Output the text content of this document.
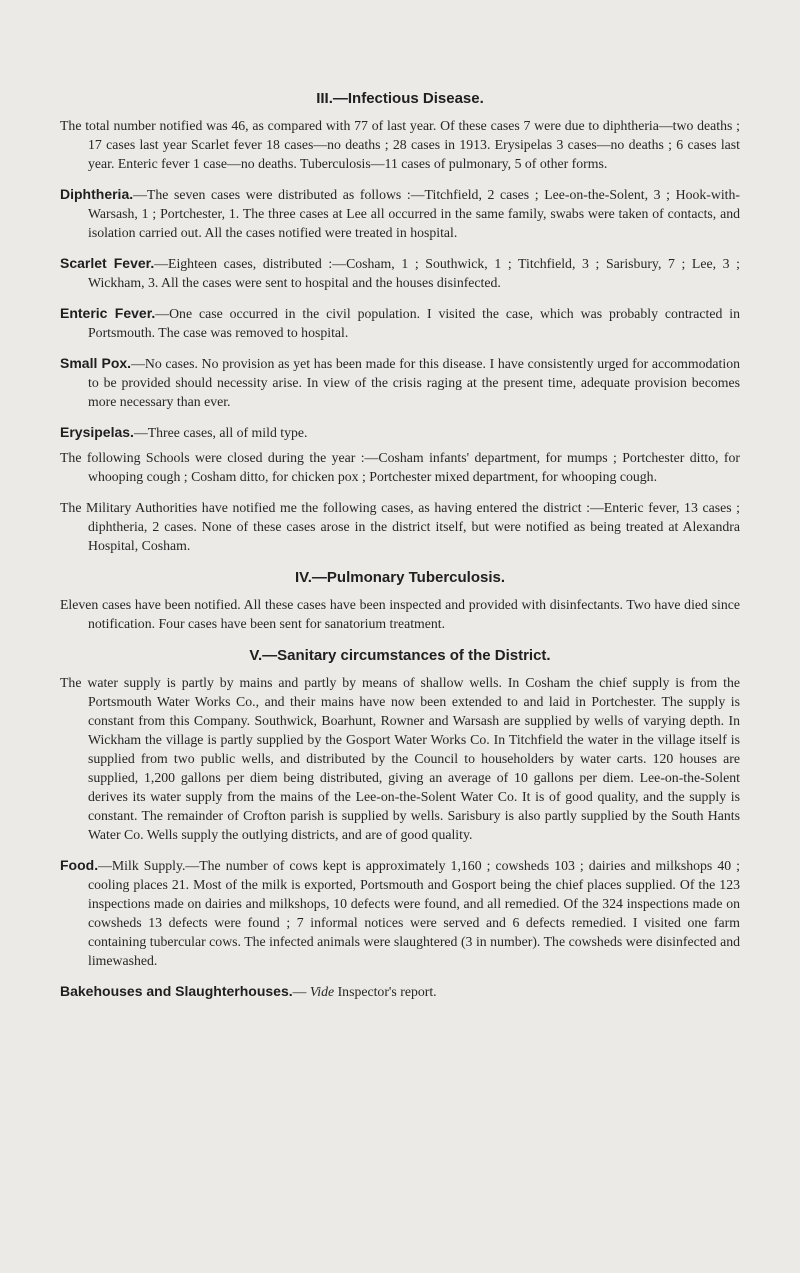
III.—Infectious Disease.

The total number notified was 46, as compared with 77 of last year. Of these cases 7 were due to diphtheria—two deaths ; 17 cases last year Scarlet fever 18 cases—no deaths ; 28 cases in 1913. Erysipelas 3 cases—no deaths ; 6 cases last year. Enteric fever 1 case—no deaths. Tuberculosis—11 cases of pulmonary, 5 of other forms.

Diphtheria.—The seven cases were distributed as follows :—Titchfield, 2 cases ; Lee-on-the-Solent, 3 ; Hook-with-Warsash, 1 ; Portchester, 1. The three cases at Lee all occurred in the same family, swabs were taken of contacts, and isolation carried out. All the cases notified were treated in hospital.

Scarlet Fever.—Eighteen cases, distributed :—Cosham, 1 ; Southwick, 1 ; Titchfield, 3 ; Sarisbury, 7 ; Lee, 3 ; Wickham, 3. All the cases were sent to hospital and the houses disinfected.

Enteric Fever.—One case occurred in the civil population. I visited the case, which was probably contracted in Portsmouth. The case was removed to hospital.

Small Pox.—No cases. No provision as yet has been made for this disease. I have consistently urged for accommodation to be provided should necessity arise. In view of the crisis raging at the present time, adequate provision becomes more necessary than ever.

Erysipelas.—Three cases, all of mild type.

The following Schools were closed during the year :—Cosham infants' department, for mumps ; Portchester ditto, for whooping cough ; Cosham ditto, for chicken pox ; Portchester mixed department, for whooping cough.

The Military Authorities have notified me the following cases, as having entered the district :—Enteric fever, 13 cases ; diphtheria, 2 cases. None of these cases arose in the district itself, but were notified as being treated at Alexandra Hospital, Cosham.

IV.—Pulmonary Tuberculosis.

Eleven cases have been notified. All these cases have been inspected and provided with disinfectants. Two have died since notification. Four cases have been sent for sanatorium treatment.

V.—Sanitary circumstances of the District.

The water supply is partly by mains and partly by means of shallow wells. In Cosham the chief supply is from the Portsmouth Water Works Co., and their mains have now been extended to and laid in Portchester. The supply is constant from this Company. Southwick, Boarhunt, Rowner and Warsash are supplied by wells of varying depth. In Wickham the village is partly supplied by the Gosport Water Works Co. In Titchfield the water in the village itself is supplied from two public wells, and distributed by the Council to householders by water carts. 120 houses are supplied, 1,200 gallons per diem being distributed, giving an average of 10 gallons per diem. Lee-on-the-Solent derives its water supply from the mains of the Lee-on-the-Solent Water Co. It is of good quality, and the supply is constant. The remainder of Crofton parish is supplied by wells. Sarisbury is also partly supplied by the South Hants Water Co. Wells supply the outlying districts, and are of good quality.

Food.—Milk Supply.—The number of cows kept is approximately 1,160 ; cowsheds 103 ; dairies and milkshops 40 ; cooling places 21. Most of the milk is exported, Portsmouth and Gosport being the chief places supplied. Of the 123 inspections made on dairies and milkshops, 10 defects were found, and all remedied. Of the 324 inspections made on cowsheds 13 defects were found ; 7 informal notices were served and 6 defects remedied. I visited one farm containing tubercular cows. The infected animals were slaughtered (3 in number). The cowsheds were disinfected and limewashed.

Bakehouses and Slaughterhouses.— Vide Inspector's report.
